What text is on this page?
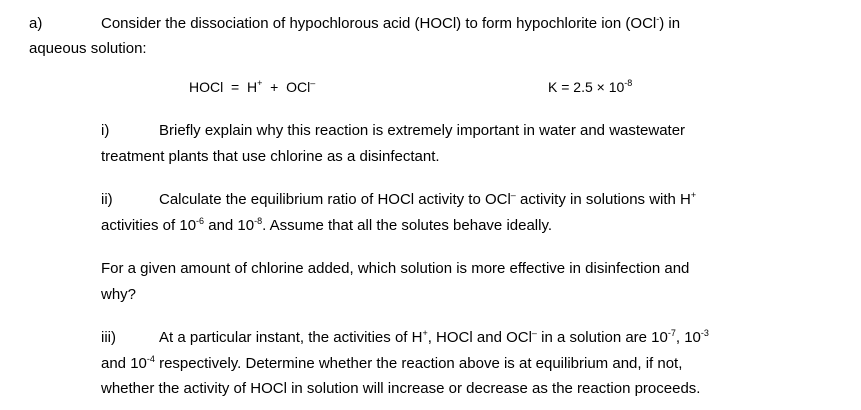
a)	Consider the dissociation of hypochlorous acid (HOCl) to form hypochlorite ion (OCl-) in
aqueous solution:
HOCl  =  H+  +  OCl–	$K = 2.5 \times 10^{-8}$
i)	Briefly explain why this reaction is extremely important in water and wastewater
treatment plants that use chlorine as a disinfectant.
ii)	Calculate the equilibrium ratio of HOCl activity to OCl– activity in solutions with H+
activities of $10^{-6}$ and $10^{-8}$. Assume that all the solutes behave ideally.
For a given amount of chlorine added, which solution is more effective in disinfection and
why?
iii)	At a particular instant, the activities of H+, HOCl and OCl– in a solution are $10^{-7}$, $10^{-3}$
and $10^{-4}$ respectively. Determine whether the reaction above is at equilibrium and, if not,
whether the activity of HOCl in solution will increase or decrease as the reaction proceeds.
